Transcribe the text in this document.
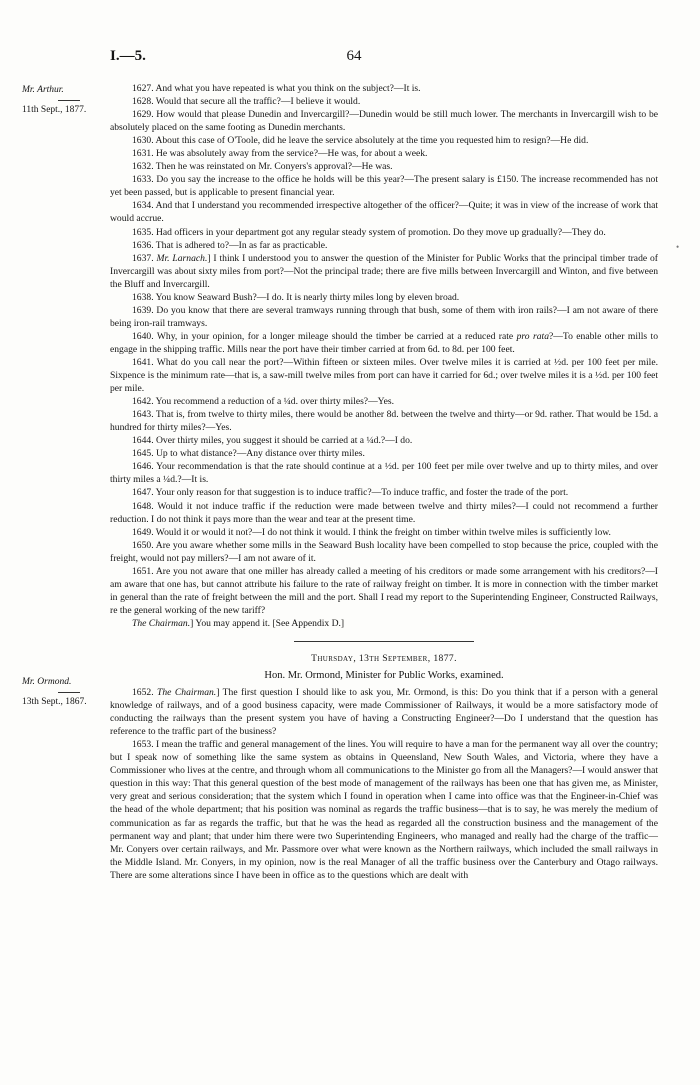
I.—5.	64
Mr. Arthur.
11th Sept., 1877.
Mr. Ormond.
13th Sept., 1867.
•

1627. And what you have repeated is what you think on the subject?—It is.

1628. Would that secure all the traffic?—I believe it would.

1629. How would that please Dunedin and Invercargill?—Dunedin would be still much lower. The merchants in Invercargill wish to be absolutely placed on the same footing as Dunedin merchants.

1630. About this case of O'Toole, did he leave the service absolutely at the time you requested him to resign?—He did.

1631. He was absolutely away from the service?—He was, for about a week.

1632. Then he was reinstated on Mr. Conyers's approval?—He was.

1633. Do you say the increase to the office he holds will be this year?—The present salary is £150. The increase recommended has not yet been passed, but is applicable to present financial year.

1634. And that I understand you recommended irrespective altogether of the officer?—Quite; it was in view of the increase of work that would accrue.

1635. Had officers in your department got any regular steady system of promotion. Do they move up gradually?—They do.

1636. That is adhered to?—In as far as practicable.

1637. Mr. Larnach.] I think I understood you to answer the question of the Minister for Public Works that the principal timber trade of Invercargill was about sixty miles from port?—Not the principal trade; there are five mills between Invercargill and Winton, and five between the Bluff and Invercargill.

1638. You know Seaward Bush?—I do. It is nearly thirty miles long by eleven broad.

1639. Do you know that there are several tramways running through that bush, some of them with iron rails?—I am not aware of there being iron-rail tramways.

1640. Why, in your opinion, for a longer mileage should the timber be carried at a reduced rate pro rata?—To enable other mills to engage in the shipping traffic. Mills near the port have their timber carried at from 6d. to 8d. per 100 feet.

1641. What do you call near the port?—Within fifteen or sixteen miles. Over twelve miles it is carried at ½d. per 100 feet per mile. Sixpence is the minimum rate—that is, a saw-mill twelve miles from port can have it carried for 6d.; over twelve miles it is a ½d. per 100 feet per mile.

1642. You recommend a reduction of a ¼d. over thirty miles?—Yes.

1643. That is, from twelve to thirty miles, there would be another 8d. between the twelve and thirty—or 9d. rather. That would be 15d. a hundred for thirty miles?—Yes.

1644. Over thirty miles, you suggest it should be carried at a ¼d.?—I do.

1645. Up to what distance?—Any distance over thirty miles.

1646. Your recommendation is that the rate should continue at a ½d. per 100 feet per mile over twelve and up to thirty miles, and over thirty miles a ¼d.?—It is.

1647. Your only reason for that suggestion is to induce traffic?—To induce traffic, and foster the trade of the port.

1648. Would it not induce traffic if the reduction were made between twelve and thirty miles?—I could not recommend a further reduction. I do not think it pays more than the wear and tear at the present time.

1649. Would it or would it not?—I do not think it would. I think the freight on timber within twelve miles is sufficiently low.

1650. Are you aware whether some mills in the Seaward Bush locality have been compelled to stop because the price, coupled with the freight, would not pay millers?—I am not aware of it.

1651. Are you not aware that one miller has already called a meeting of his creditors or made some arrangement with his creditors?—I am aware that one has, but cannot attribute his failure to the rate of railway freight on timber. It is more in connection with the timber market in general than the rate of freight between the mill and the port. Shall I read my report to the Superintending Engineer, Constructed Railways, re the general working of the new tariff?

The Chairman.] You may append it. [See Appendix D.]

Thursday, 13th September, 1877.
Hon. Mr. Ormond, Minister for Public Works, examined.

1652. The Chairman.] The first question I should like to ask you, Mr. Ormond, is this: Do you think that if a person with a general knowledge of railways, and of a good business capacity, were made Commissioner of Railways, it would be a more satisfactory mode of conducting the railways than the present system you have of having a Constructing Engineer?—Do I understand that the question has reference to the traffic part of the business?

1653. I mean the traffic and general management of the lines. You will require to have a man for the permanent way all over the country; but I speak now of something like the same system as obtains in Queensland, New South Wales, and Victoria, where they have a Commissioner who lives at the centre, and through whom all communications to the Minister go from all the Managers?—I would answer that question in this way: That this general question of the best mode of management of the railways has been one that has given me, as Minister, very great and serious consideration; that the system which I found in operation when I came into office was that the Engineer-in-Chief was the head of the whole department; that his position was nominal as regards the traffic business—that is to say, he was merely the medium of communication as far as regards the traffic, but that he was the head as regarded all the construction business and the management of the permanent way and plant; that under him there were two Superintending Engineers, who managed and really had the charge of the traffic—Mr. Conyers over certain railways, and Mr. Passmore over what were known as the Northern railways, which included the small railways in the Middle Island. Mr. Conyers, in my opinion, now is the real Manager of all the traffic business over the Canterbury and Otago railways. There are some alterations since I have been in office as to the questions which are dealt with
